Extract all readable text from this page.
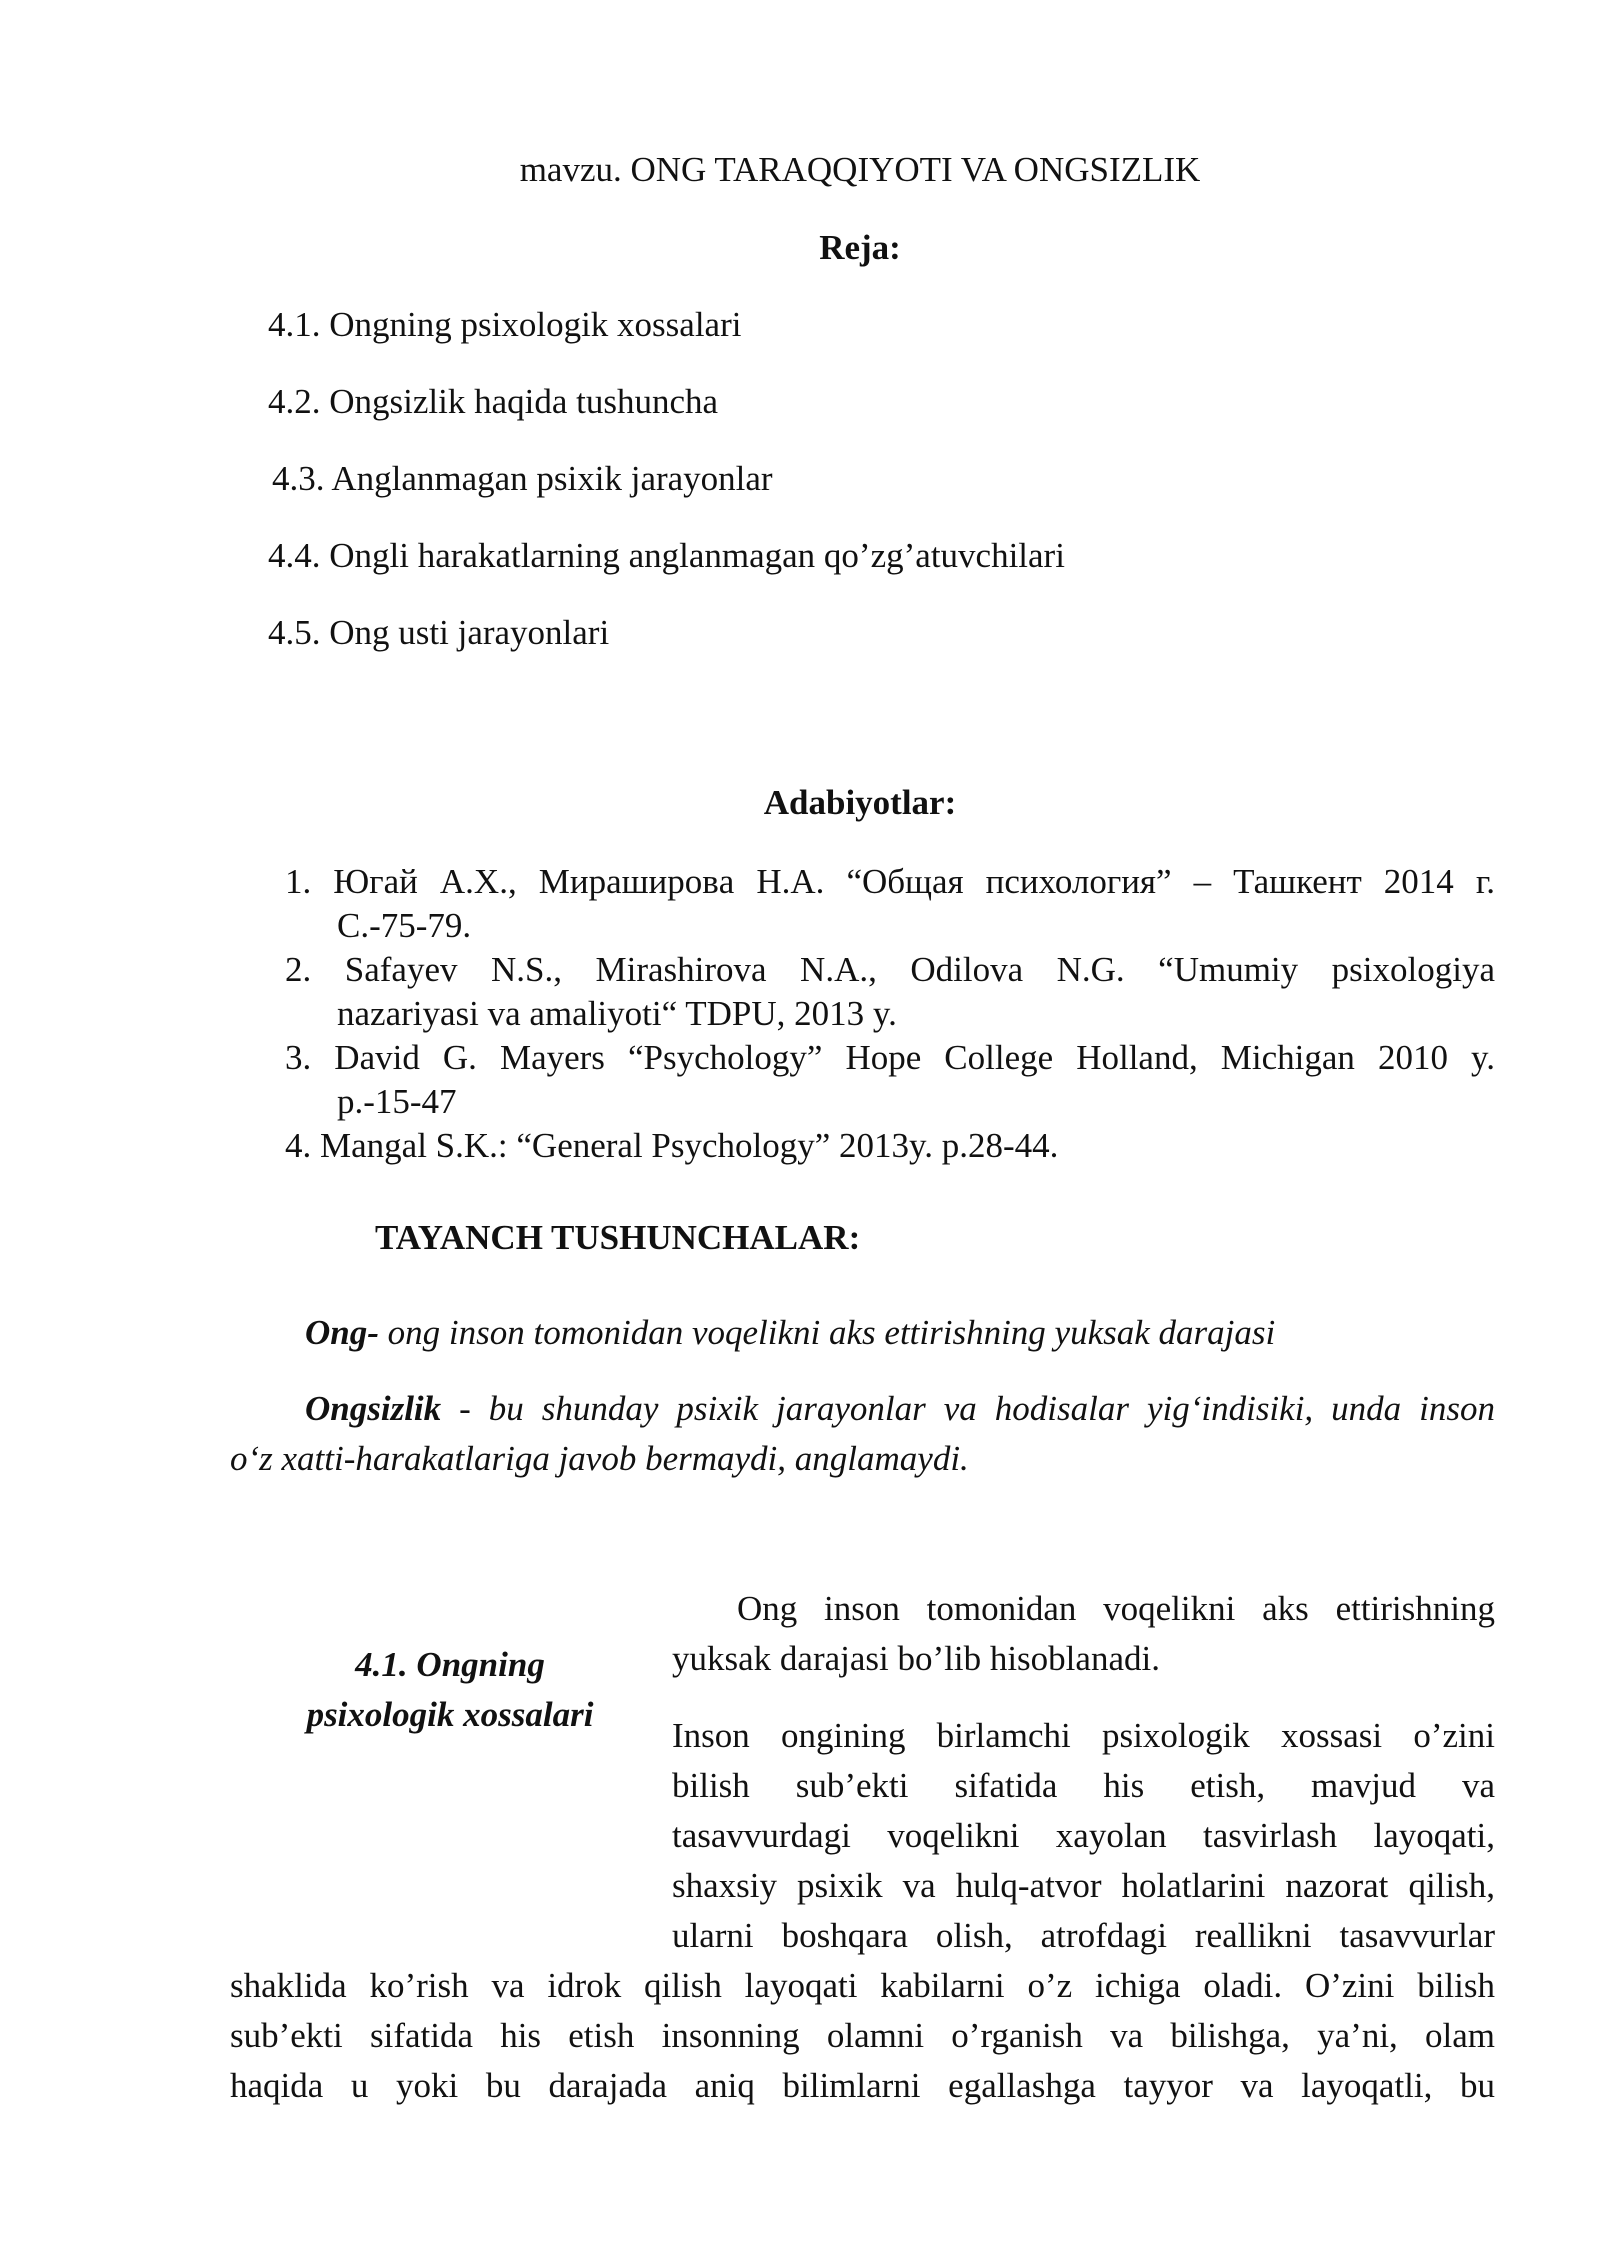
mavzu. ONG TARAQQIYOTI VA ONGSIZLIK
Reja:
4.1. Ongning psixologik xossalari
4.2. Ongsizlik haqida tushuncha
4.3. Anglanmagan psixik jarayonlar
4.4. Ongli harakatlarning anglanmagan qo’zg’atuvchilari
4.5. Ong usti jarayonlari
Adabiyotlar:
1. Югай А.Х., Мирашировa Н.А. “Общая психология” – Ташкент 2014 г.
С.-75-79.
2. Safayev N.S., Mirashirova N.A., Odilova N.G. “Umumiy psixologiya
nazariyasi va amaliyoti“ TDPU, 2013 y.
3. David G. Mayers “Psychology” Hope College Holland, Michigan 2010 y.
p.-15-47
4. Mangal S.K.: “General Psychology” 2013y. p.28-44.
TAYANCH TUSHUNCHALAR:
Ong- ong inson tomonidan voqelikni aks ettirishning yuksak darajasi
Ongsizlik - bu shunday psixik jarayonlar va hodisalar yig‘indisiki, unda inson
o‘z xatti-harakatlariga javob bermaydi, anglamaydi.
4.1. Ongning
psixologik xossalari
Ong inson tomonidan voqelikni aks ettirishning
yuksak darajasi bo’lib hisoblanadi.
Inson ongining birlamchi psixologik xossasi o’zini
bilish sub’ekti sifatida his etish, mavjud va
tasavvurdagi voqelikni xayolan tasvirlash layoqati,
shaxsiy psixik va hulq-atvor holatlarini nazorat qilish,
ularni boshqara olish, atrofdagi reallikni tasavvurlar
shaklida ko’rish va idrok qilish layoqati kabilarni o’z ichiga oladi. O’zini bilish
sub’ekti sifatida his etish insonning olamni o’rganish va bilishga, ya’ni, olam
haqida u yoki bu darajada aniq bilimlarni egallashga tayyor va layoqatli, bu
